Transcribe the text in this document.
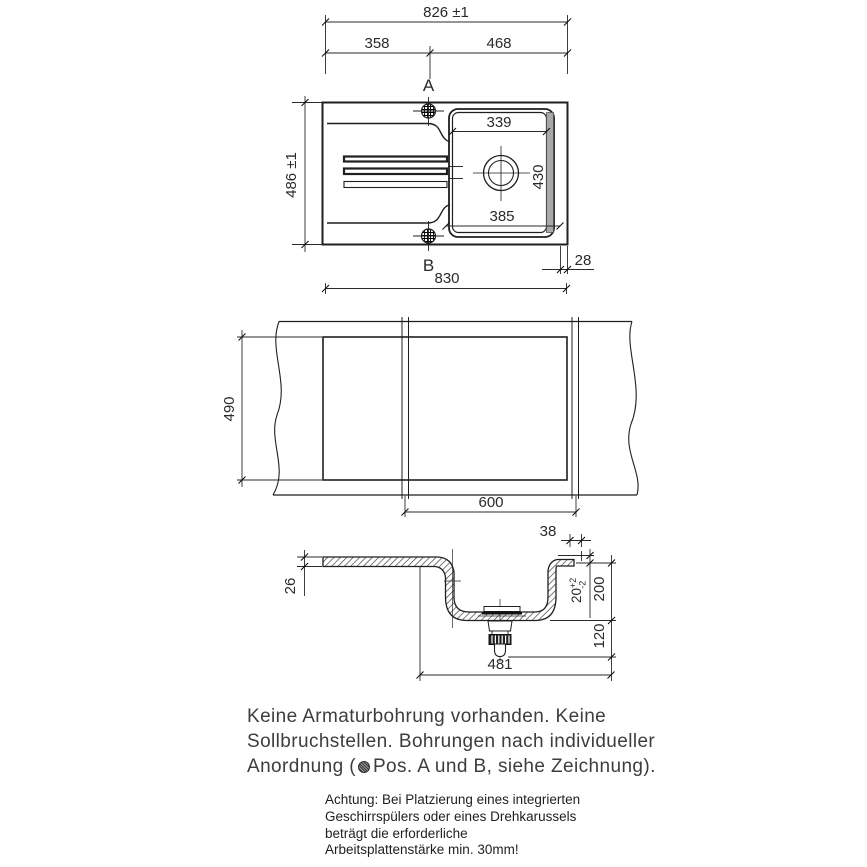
826 ±1
358	468
A
B
339
385
430
486 ±1
28
830
490
600
38
26
$20^{+2}-2$ 200
120
481
Keine Armaturbohrung vorhanden. Keine
Sollbruchstellen. Bohrungen nach individueller
Anordnung ( Pos. A und B, siehe Zeichnung).
Achtung: Bei Platzierung eines integrierten
Geschirrspülers oder eines Drehkarussels
beträgt die erforderliche
Arbeitsplattenstärke min. 30mm!
